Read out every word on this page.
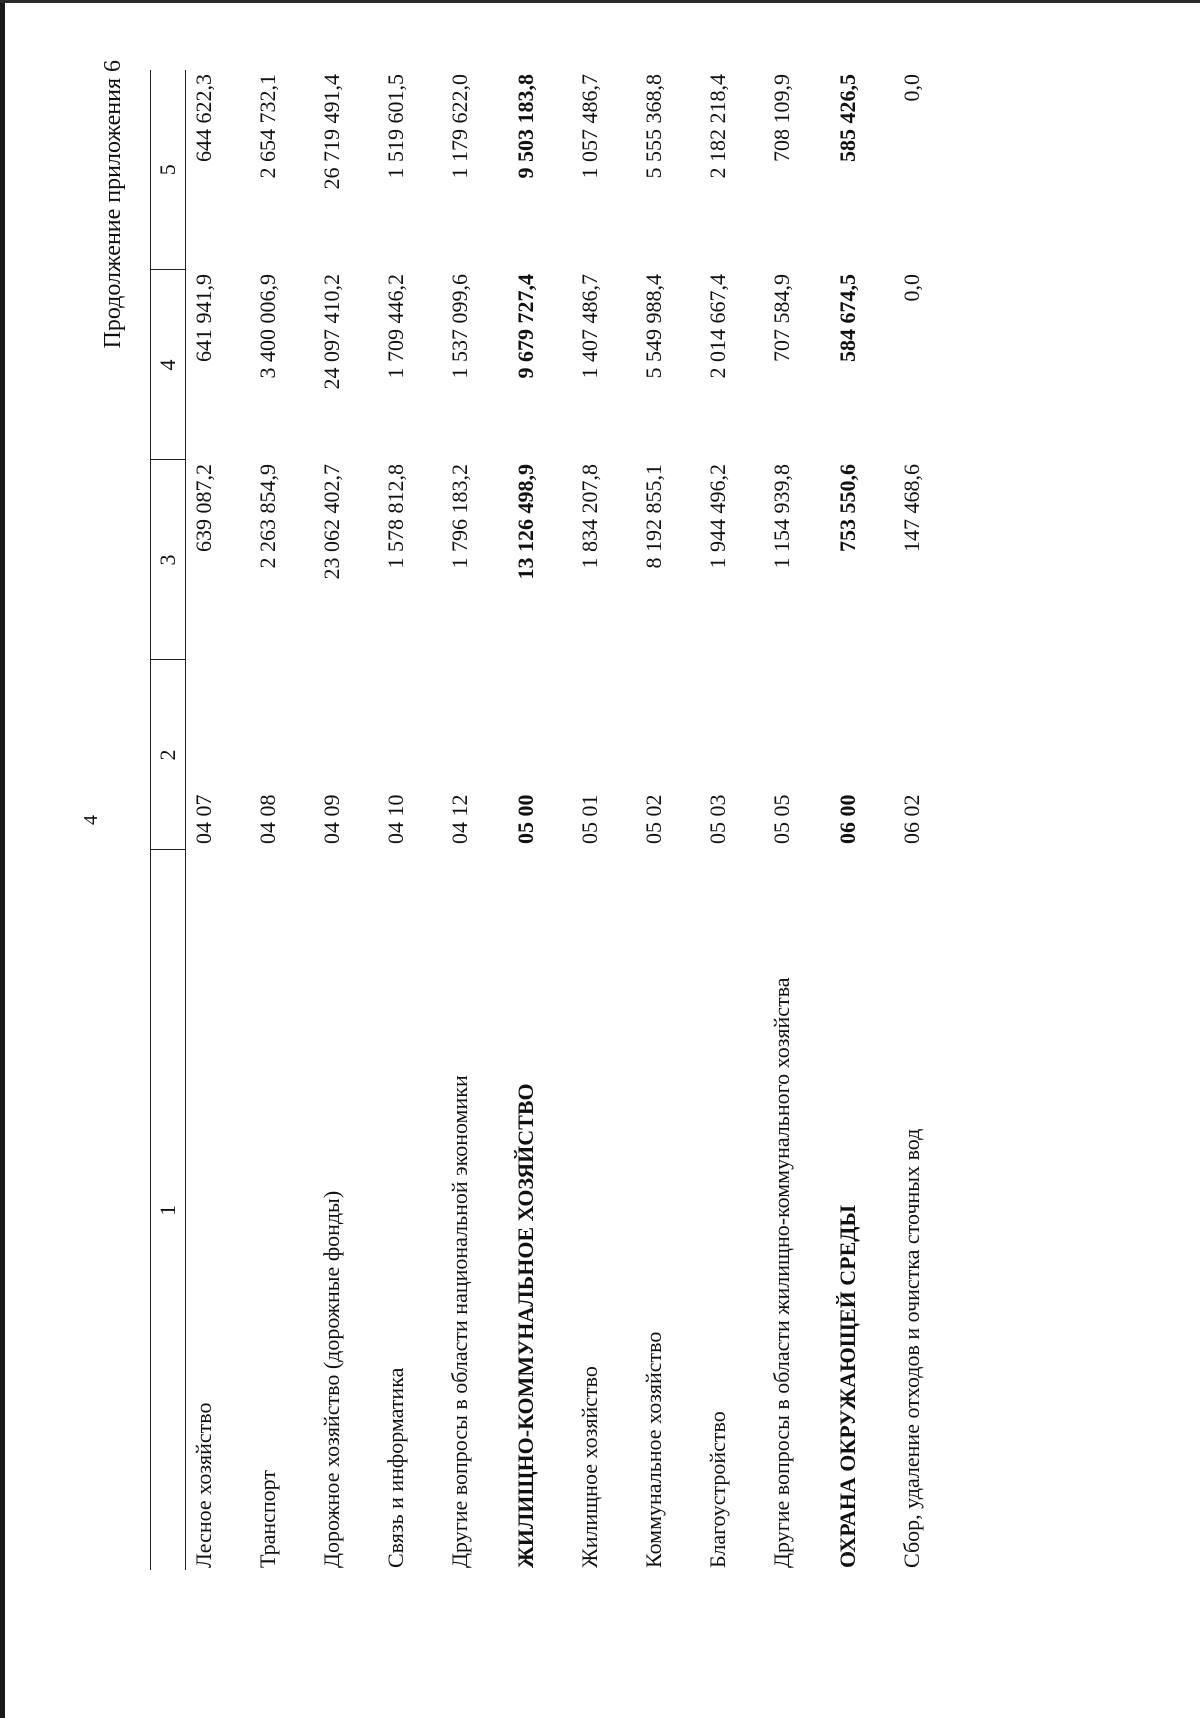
4
Продолжение приложения 6
1	2	3	4	5
Лесное хозяйство	04 07	639 087,2	641 941,9	644 622,3
Транспорт	04 08	2 263 854,9	3 400 006,9	2 654 732,1
Дорожное хозяйство (дорожные фонды)	04 09	23 062 402,7	24 097 410,2	26 719 491,4
Связь и информатика	04 10	1 578 812,8	1 709 446,2	1 519 601,5
Другие вопросы в области национальной экономики	04 12	1 796 183,2	1 537 099,6	1 179 622,0
ЖИЛИЩНО-КОММУНАЛЬНОЕ ХОЗЯЙСТВО	05 00	13 126 498,9	9 679 727,4	9 503 183,8
Жилищное хозяйство	05 01	1 834 207,8	1 407 486,7	1 057 486,7
Коммунальное хозяйство	05 02	8 192 855,1	5 549 988,4	5 555 368,8
Благоустройство	05 03	1 944 496,2	2 014 667,4	2 182 218,4
Другие вопросы в области жилищно-коммунального хозяйства	05 05	1 154 939,8	707 584,9	708 109,9
ОХРАНА ОКРУЖАЮЩЕЙ СРЕДЫ	06 00	753 550,6	584 674,5	585 426,5
Сбор, удаление отходов и очистка сточных вод	06 02	147 468,6	0,0	0,0
